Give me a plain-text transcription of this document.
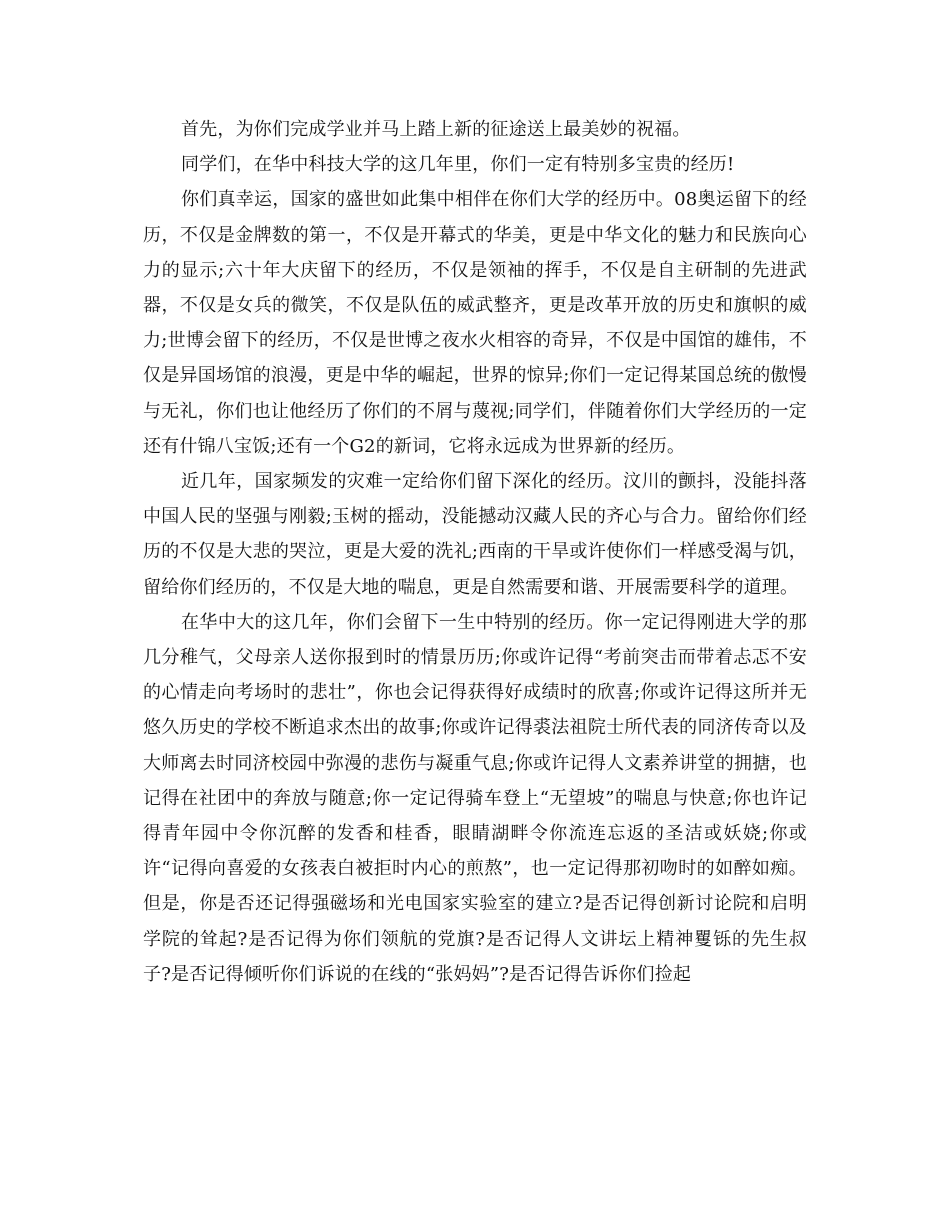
首先，为你们完成学业并马上踏上新的征途送上最美妙的祝福。

同学们，在华中科技大学的这几年里，你们一定有特别多宝贵的经历!

你们真幸运，国家的盛世如此集中相伴在你们大学的经历中。08奥运留下的经历，不仅是金牌数的第一，不仅是开幕式的华美，更是中华文化的魅力和民族向心力的显示;六十年大庆留下的经历，不仅是领袖的挥手，不仅是自主研制的先进武器，不仅是女兵的微笑，不仅是队伍的威武整齐，更是改革开放的历史和旗帜的威力;世博会留下的经历，不仅是世博之夜水火相容的奇异，不仅是中国馆的雄伟，不仅是异国场馆的浪漫，更是中华的崛起，世界的惊异;你们一定记得某国总统的傲慢与无礼，你们也让他经历了你们的不屑与蔑视;同学们，伴随着你们大学经历的一定还有什锦八宝饭;还有一个G2的新词，它将永远成为世界新的经历。

近几年，国家频发的灾难一定给你们留下深化的经历。汶川的颤抖，没能抖落中国人民的坚强与刚毅;玉树的摇动，没能撼动汉藏人民的齐心与合力。留给你们经历的不仅是大悲的哭泣，更是大爱的洗礼;西南的干旱或许使你们一样感受渴与饥，留给你们经历的，不仅是大地的喘息，更是自然需要和谐、开展需要科学的道理。

在华中大的这几年，你们会留下一生中特别的经历。你一定记得刚进大学的那几分稚气，父母亲人送你报到时的情景历历;你或许记得“考前突击而带着忐忑不安的心情走向考场时的悲壮”，你也会记得获得好成绩时的欣喜;你或许记得这所并无悠久历史的学校不断追求杰出的故事;你或许记得裘法祖院士所代表的同济传奇以及大师离去时同济校园中弥漫的悲伤与凝重气息;你或许记得人文素养讲堂的拥搪，也记得在社团中的奔放与随意;你一定记得骑车登上“无望坡”的喘息与快意;你也许记得青年园中令你沉醉的发香和桂香，眼睛湖畔令你流连忘返的圣洁或妖娆;你或许“记得向喜爱的女孩表白被拒时内心的煎熬”，也一定记得那初吻时的如醉如痴。但是，你是否还记得强磁场和光电国家实验室的建立?是否记得创新讨论院和启明学院的耸起?是否记得为你们领航的党旗?是否记得人文讲坛上精神矍铄的先生叔子?是否记得倾听你们诉说的在线的“张妈妈”?是否记得告诉你们捡起
